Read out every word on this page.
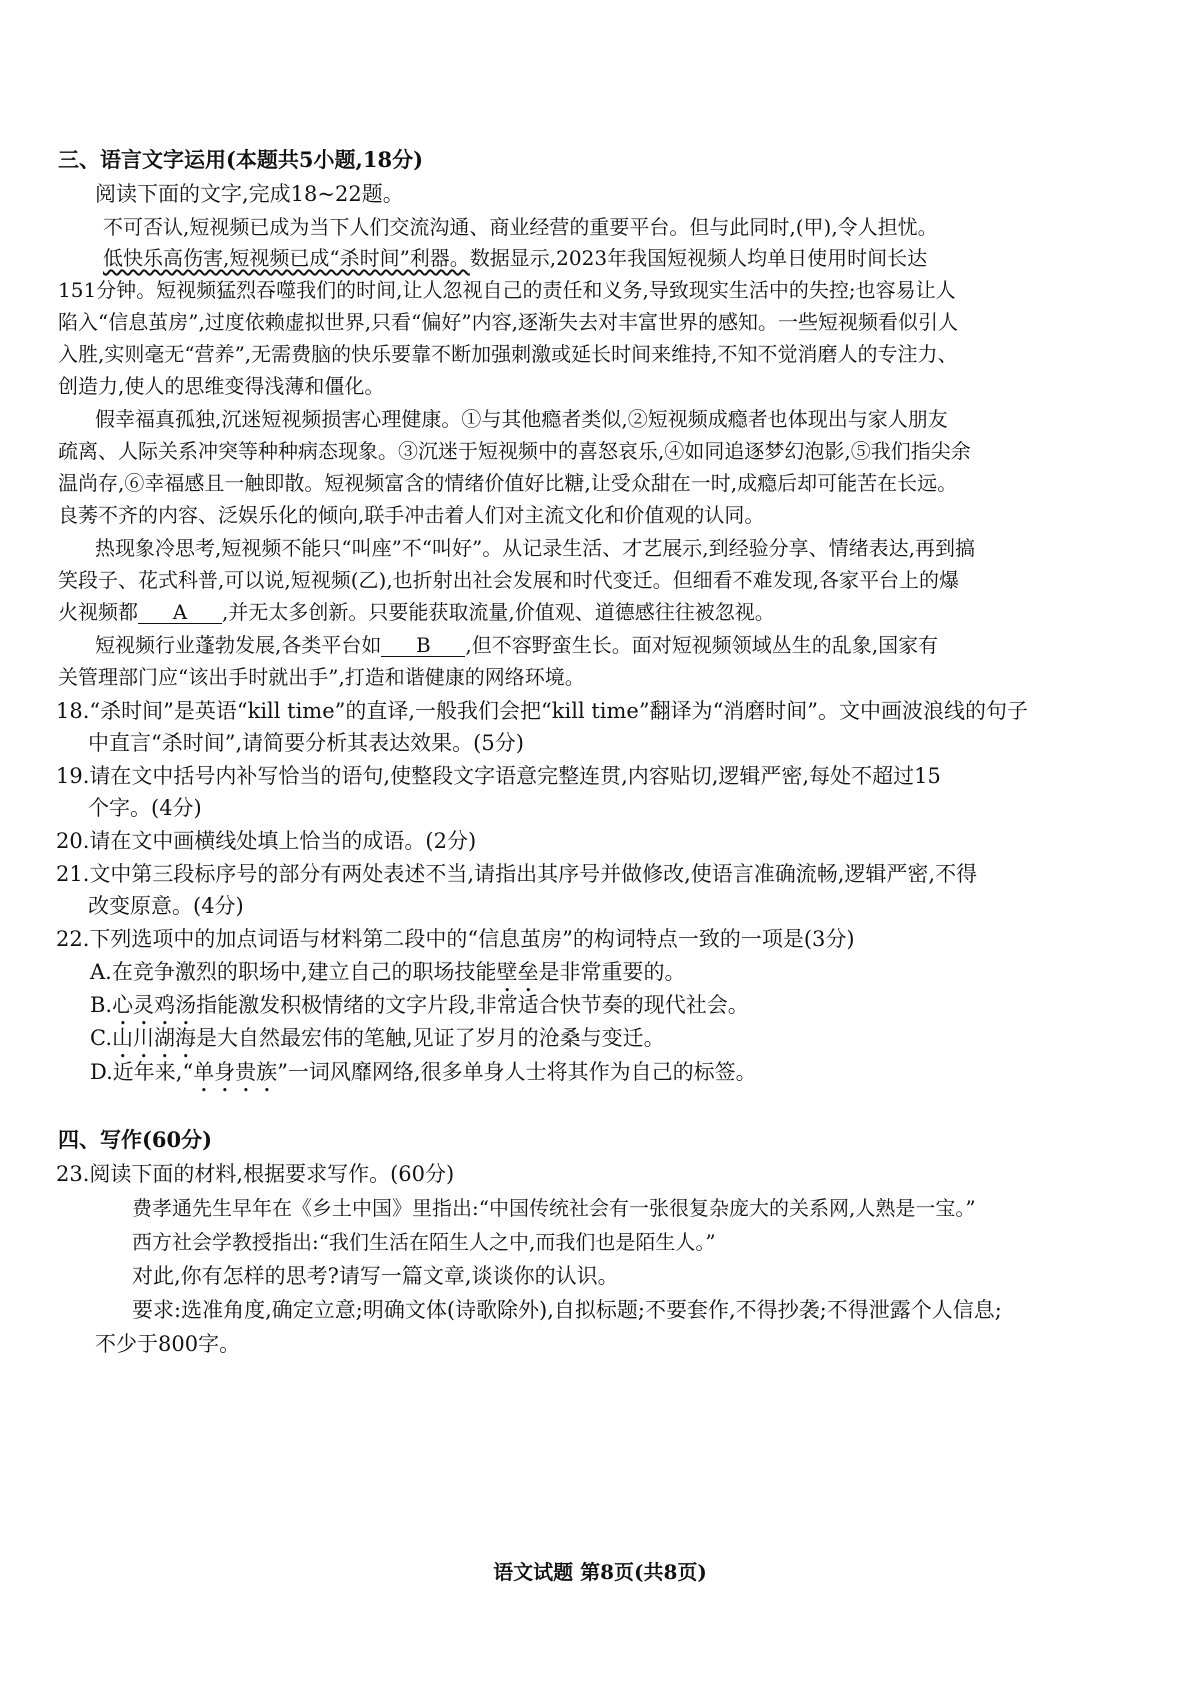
三、语言文字运用(本题共5小题,18分)
阅读下面的文字,完成18~22题。
不可否认,短视频已成为当下人们交流沟通、商业经营的重要平台。但与此同时,(甲),令人担忧。
低快乐高伤害,短视频已成“杀时间”利器。数据显示,2023年我国短视频人均单日使用时间长达
151分钟。短视频猛烈吞噬我们的时间,让人忽视自己的责任和义务,导致现实生活中的失控;也容易让人
陷入“信息茧房”,过度依赖虚拟世界,只看“偏好”内容,逐渐失去对丰富世界的感知。一些短视频看似引人
入胜,实则毫无“营养”,无需费脑的快乐要靠不断加强刺激或延长时间来维持,不知不觉消磨人的专注力、
创造力,使人的思维变得浅薄和僵化。
假幸福真孤独,沉迷短视频损害心理健康。①与其他瘾者类似,②短视频成瘾者也体现出与家人朋友
疏离、人际关系冲突等种种病态现象。③沉迷于短视频中的喜怒哀乐,④如同追逐梦幻泡影,⑤我们指尖余
温尚存,⑥幸福感且一触即散。短视频富含的情绪价值好比糖,让受众甜在一时,成瘾后却可能苦在长远。
良莠不齐的内容、泛娱乐化的倾向,联手冲击着人们对主流文化和价值观的认同。
热现象冷思考,短视频不能只“叫座”不“叫好”。从记录生活、才艺展示,到经验分享、情绪表达,再到搞
笑段子、花式科普,可以说,短视频(乙),也折射出社会发展和时代变迁。但细看不难发现,各家平台上的爆
火视频都 A ,并无太多创新。只要能获取流量,价值观、道德感往往被忽视。
短视频行业蓬勃发展,各类平台如 B ,但不容野蛮生长。面对短视频领域丛生的乱象,国家有
关管理部门应“该出手时就出手”,打造和谐健康的网络环境。
18.“杀时间”是英语“kill time”的直译,一般我们会把“kill time”翻译为“消磨时间”。文中画波浪线的句子
中直言“杀时间”,请简要分析其表达效果。(5分)
19.请在文中括号内补写恰当的语句,使整段文字语意完整连贯,内容贴切,逻辑严密,每处不超过15
个字。(4分)
20.请在文中画横线处填上恰当的成语。(2分)
21.文中第三段标序号的部分有两处表述不当,请指出其序号并做修改,使语言准确流畅,逻辑严密,不得
改变原意。(4分)
22.下列选项中的加点词语与材料第二段中的“信息茧房”的构词特点一致的一项是(3分)
A.在竞争激烈的职场中,建立自己的职场技能壁垒是非常重要的。
B.心灵鸡汤指能激发积极情绪的文字片段,非常适合快节奏的现代社会。
C.山川湖海是大自然最宏伟的笔触,见证了岁月的沧桑与变迁。
D.近年来,“单身贵族”一词风靡网络,很多单身人士将其作为自己的标签。
四、写作(60分)
23.阅读下面的材料,根据要求写作。(60分)
费孝通先生早年在《乡土中国》里指出:“中国传统社会有一张很复杂庞大的关系网,人熟是一宝。”
西方社会学教授指出:“我们生活在陌生人之中,而我们也是陌生人。”
对此,你有怎样的思考?请写一篇文章,谈谈你的认识。
要求:选准角度,确定立意;明确文体(诗歌除外),自拟标题;不要套作,不得抄袭;不得泄露个人信息;
不少于800字。
语文试题 第8页(共8页)
